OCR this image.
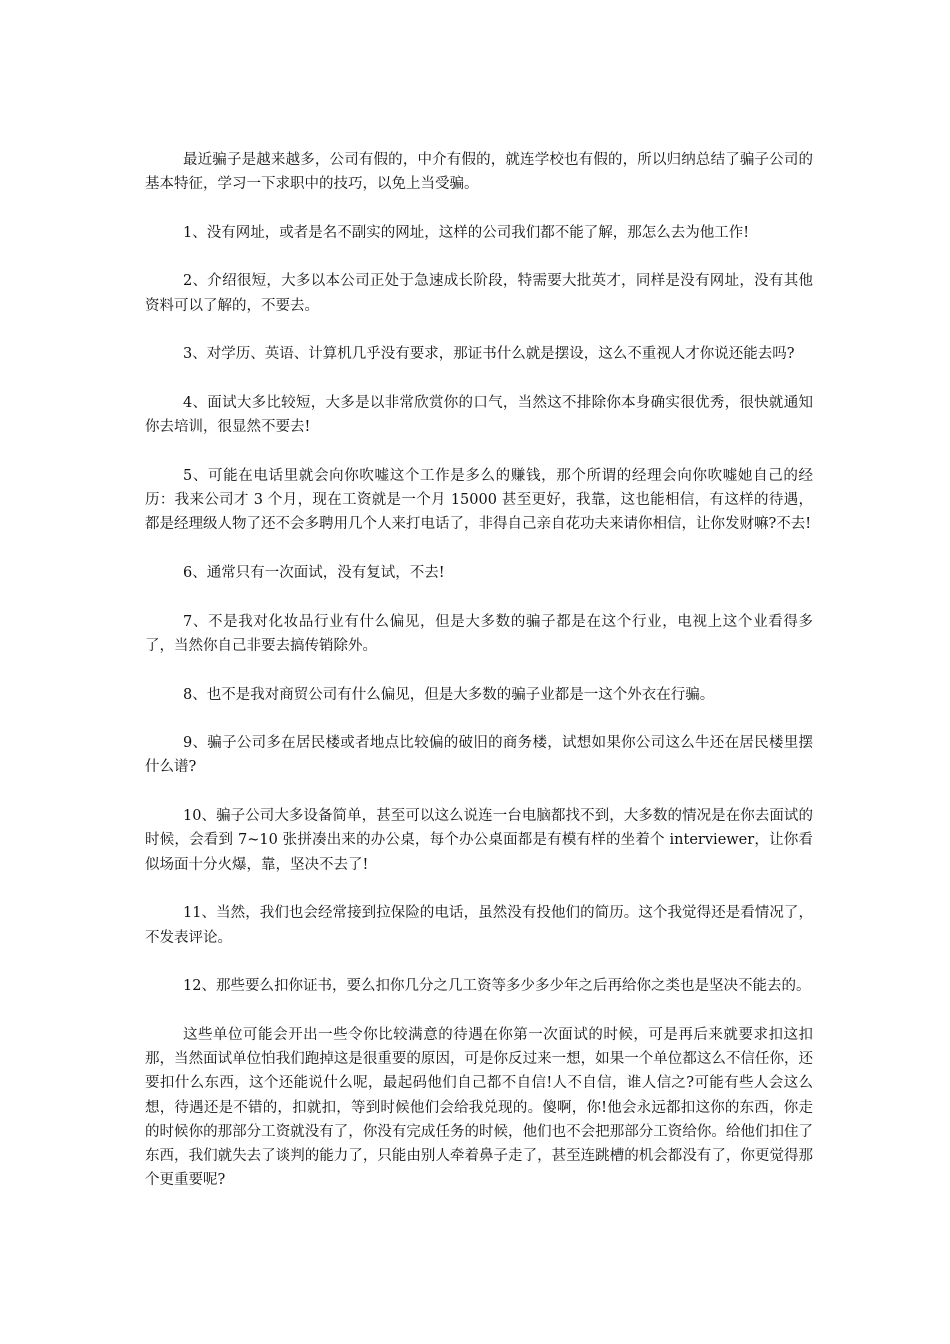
最近骗子是越来越多，公司有假的，中介有假的，就连学校也有假的，所以归纳总结了骗子公司的基本特征，学习一下求职中的技巧，以免上当受骗。

1、没有网址，或者是名不副实的网址，这样的公司我们都不能了解，那怎么去为他工作!

2、介绍很短，大多以本公司正处于急速成长阶段，特需要大批英才，同样是没有网址，没有其他资料可以了解的，不要去。

3、对学历、英语、计算机几乎没有要求，那证书什么就是摆设，这么不重视人才你说还能去吗?

4、面试大多比较短，大多是以非常欣赏你的口气，当然这不排除你本身确实很优秀，很快就通知你去培训，很显然不要去!

5、可能在电话里就会向你吹嘘这个工作是多么的赚钱，那个所谓的经理会向你吹嘘她自己的经历：我来公司才 3 个月，现在工资就是一个月 15000 甚至更好，我靠，这也能相信，有这样的待遇，都是经理级人物了还不会多聘用几个人来打电话了，非得自己亲自花功夫来请你相信，让你发财嘛?不去!

6、通常只有一次面试，没有复试，不去!

7、不是我对化妆品行业有什么偏见，但是大多数的骗子都是在这个行业，电视上这个业看得多了，当然你自己非要去搞传销除外。

8、也不是我对商贸公司有什么偏见，但是大多数的骗子业都是一这个外衣在行骗。

9、骗子公司多在居民楼或者地点比较偏的破旧的商务楼，试想如果你公司这么牛还在居民楼里摆什么谱?

10、骗子公司大多设备简单，甚至可以这么说连一台电脑都找不到，大多数的情况是在你去面试的时候，会看到 7~10 张拼凑出来的办公桌，每个办公桌面都是有模有样的坐着个 interviewer，让你看似场面十分火爆，靠，坚决不去了!

11、当然，我们也会经常接到拉保险的电话，虽然没有投他们的简历。这个我觉得还是看情况了，不发表评论。

12、那些要么扣你证书，要么扣你几分之几工资等多少多少年之后再给你之类也是坚决不能去的。

这些单位可能会开出一些令你比较满意的待遇在你第一次面试的时候，可是再后来就要求扣这扣那，当然面试单位怕我们跑掉这是很重要的原因，可是你反过来一想，如果一个单位都这么不信任你，还要扣什么东西，这个还能说什么呢，最起码他们自己都不自信!人不自信，谁人信之?可能有些人会这么想，待遇还是不错的，扣就扣，等到时候他们会给我兑现的。傻啊，你!他会永远都扣这你的东西，你走的时候你的那部分工资就没有了，你没有完成任务的时候，他们也不会把那部分工资给你。给他们扣住了东西，我们就失去了谈判的能力了，只能由别人牵着鼻子走了，甚至连跳槽的机会都没有了，你更觉得那个更重要呢?
